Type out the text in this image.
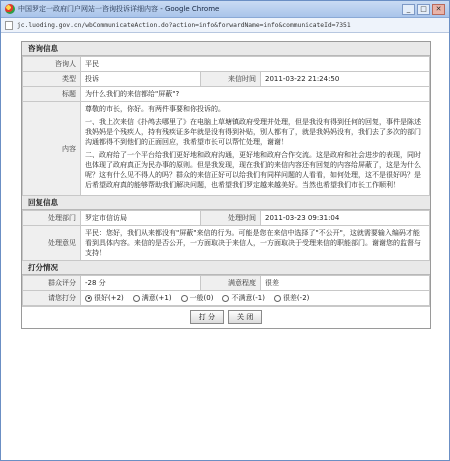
中国罗定一政府门户网站一咨询投诉详细内容 - Google Chrome	_	□	✕
jc.luoding.gov.cn/wbCommunicateAction.do?action=info&forwardName=info&communicateId=7351
咨询信息
咨询人	平民		
类型	投诉	来信时间	2011-03-22 21:24:50
标题	为什么我们的来信都给"屏蔽"?		
内容	尊敬的市长，你好。有两件事要和你投诉的。
一、我上次来信《扑鸬去哪里了》在电脑上草塘镇政府受理并处理，但是我没有得到任何的回复，事件是陈述我妈妈是个残疾人，持有残疾证多年就是没有得到补贴，别人都有了，就是我妈妈没有，我们去了多次的部门沟通都得不到他们的正面回应，我希望市长可以帮忙处理，谢谢！
二、政府给了一个平台给我们更好地和政府沟通，更好地和政府合作交流。这是政府和社会进步的表现，同时也体现了政府真正为民办事的原则。但是我发现，现在我们的来信内容还有回复的内容给屏蔽了，这是为什么呢？这有什么见不得人的吗？群众的来信正好可以给我们有同样问题的人看看，如何处理，这不是很好吗？是后希望政府真的能够帮助我们解决问题，也希望我们罗定越来越美好。当然也希望我们市长工作顺利！		
回复信息
处理部门	罗定市信访局	处理时间	2011-03-23 09:31:04
处理意见	平民：您好，我们从来都没有"屏蔽"来信的行为。可能是您在来信中选择了"不公开"，这就需要输入编码才能看到具体内容。来信的是否公开，一方面取决于来信人，一方面取决于受理来信的职能部门。谢谢您的监督与支持！		
打分情况
群众评分	-28 分	满意程度	很差
请您打分	很好(+2) 满意(+1) 一般(0) 不满意(-1) 很差(-2)		
打 分	关 闭
